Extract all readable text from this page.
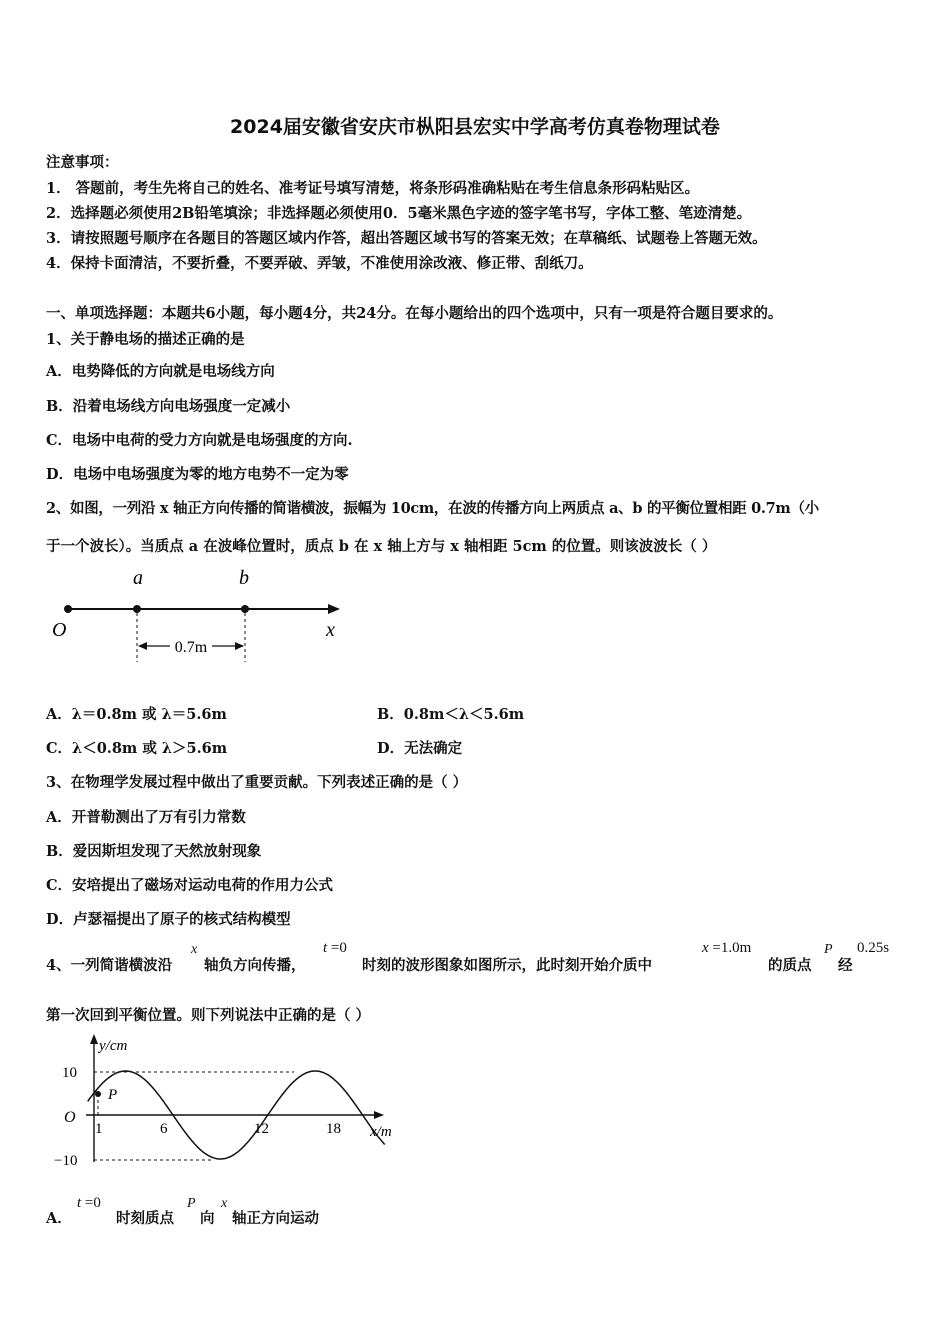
2024届安徽省安庆市枞阳县宏实中学高考仿真卷物理试卷
注意事项：
1． 答题前，考生先将自己的姓名、准考证号填写清楚，将条形码准确粘贴在考生信息条形码粘贴区。
2．选择题必须使用2B铅笔填涂；非选择题必须使用0．5毫米黑色字迹的签字笔书写，字体工整、笔迹清楚。
3．请按照题号顺序在各题目的答题区域内作答，超出答题区域书写的答案无效；在草稿纸、试题卷上答题无效。
4．保持卡面清洁，不要折叠，不要弄破、弄皱，不准使用涂改液、修正带、刮纸刀。
一、单项选择题：本题共6小题，每小题4分，共24分。在每小题给出的四个选项中，只有一项是符合题目要求的。
1、关于静电场的描述正确的是
A．电势降低的方向就是电场线方向
B．沿着电场线方向电场强度一定减小
C．电场中电荷的受力方向就是电场强度的方向.
D．电场中电场强度为零的地方电势不一定为零
2、如图，一列沿 x 轴正方向传播的简谐横波，振幅为 10cm，在波的传播方向上两质点 a、b 的平衡位置相距 0.7m（小
于一个波长）。当质点 a 在波峰位置时，质点 b 在 x 轴上方与 x 轴相距 5cm 的位置。则该波波长（ ）
0.7m
a	b
O	x
A．λ＝0.8m 或 λ＝5.6m	B．0.8m＜λ＜5.6m
C．λ＜0.8m 或 λ＞5.6m	D．无法确定
3、在物理学发展过程中做出了重要贡献。下列表述正确的是（ ）
A．开普勒测出了万有引力常数
B．爱因斯坦发现了天然放射现象
C．安培提出了磁场对运动电荷的作用力公式
D．卢瑟福提出了原子的核式结构模型
4、一列简谐横波沿
x
轴负方向传播，
t =0
时刻的波形图象如图所示，此时刻开始介质中
x =1.0m
的质点
P
经
0.25s
第一次回到平衡位置。则下列说法中正确的是（ ）
P
y/cm
x/m
O
10
−10
1	6	12	18
A．
t =0
时刻质点
P
向
x
轴正方向运动
